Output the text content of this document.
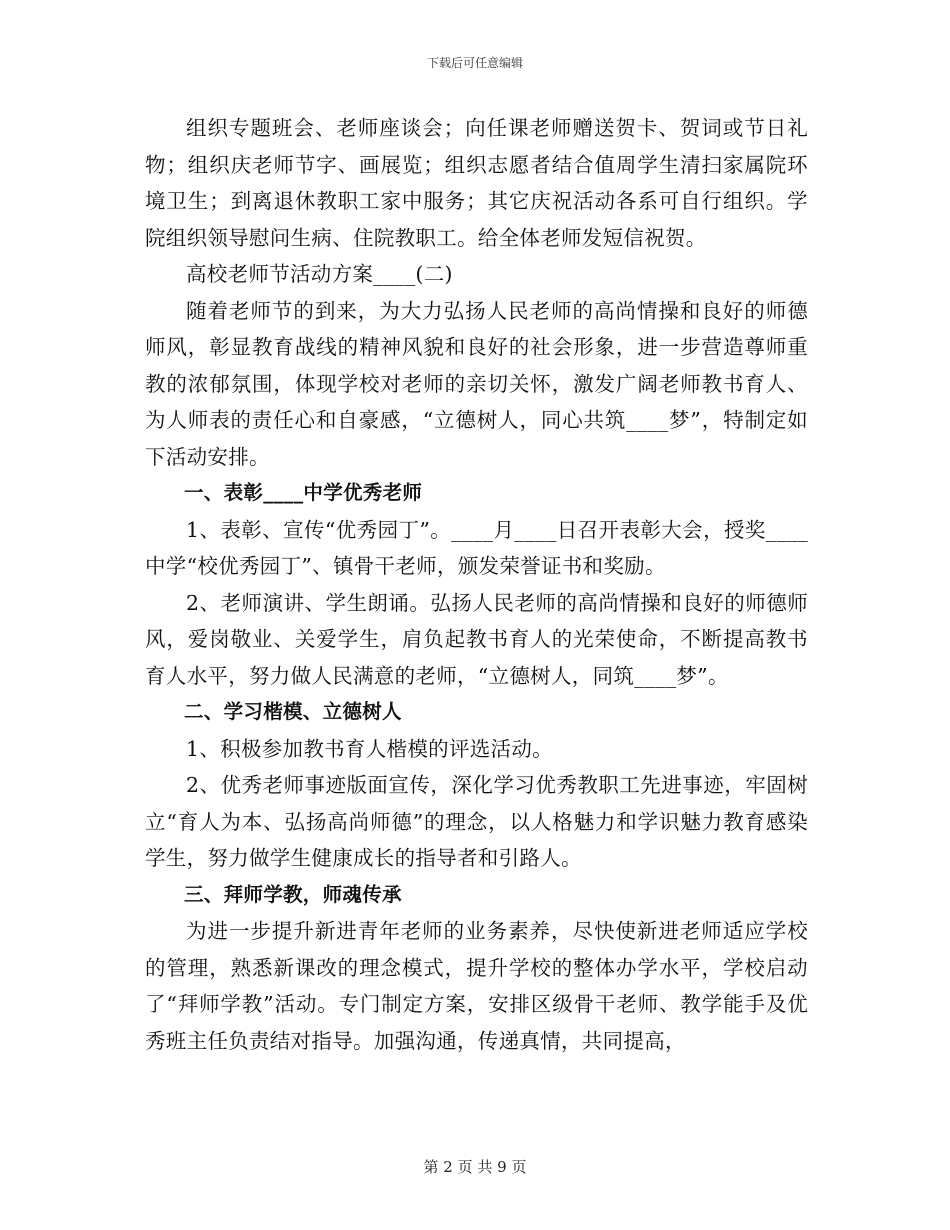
下载后可任意编辑

组织专题班会、老师座谈会；向任课老师赠送贺卡、贺词或节日礼物；组织庆老师节字、画展览；组织志愿者结合值周学生清扫家属院环境卫生；到离退休教职工家中服务；其它庆祝活动各系可自行组织。学院组织领导慰问生病、住院教职工。给全体老师发短信祝贺。

高校老师节活动方案____(二)

随着老师节的到来，为大力弘扬人民老师的高尚情操和良好的师德师风，彰显教育战线的精神风貌和良好的社会形象，进一步营造尊师重教的浓郁氛围，体现学校对老师的亲切关怀，激发广阔老师教书育人、为人师表的责任心和自豪感，“立德树人，同心共筑____梦”，特制定如下活动安排。

一、表彰____中学优秀老师

1、表彰、宣传“优秀园丁”。____月____日召开表彰大会，授奖____中学“校优秀园丁”、镇骨干老师，颁发荣誉证书和奖励。

2、老师演讲、学生朗诵。弘扬人民老师的高尚情操和良好的师德师风，爱岗敬业、关爱学生，肩负起教书育人的光荣使命，不断提高教书育人水平，努力做人民满意的老师，“立德树人，同筑____梦”。

二、学习楷模、立德树人

1、积极参加教书育人楷模的评选活动。

2、优秀老师事迹版面宣传，深化学习优秀教职工先进事迹，牢固树立“育人为本、弘扬高尚师德”的理念，以人格魅力和学识魅力教育感染学生，努力做学生健康成长的指导者和引路人。

三、拜师学教，师魂传承

为进一步提升新进青年老师的业务素养，尽快使新进老师适应学校的管理，熟悉新课改的理念模式，提升学校的整体办学水平，学校启动了“拜师学教”活动。专门制定方案，安排区级骨干老师、教学能手及优秀班主任负责结对指导。加强沟通，传递真情，共同提高，

第 2 页 共 9 页
